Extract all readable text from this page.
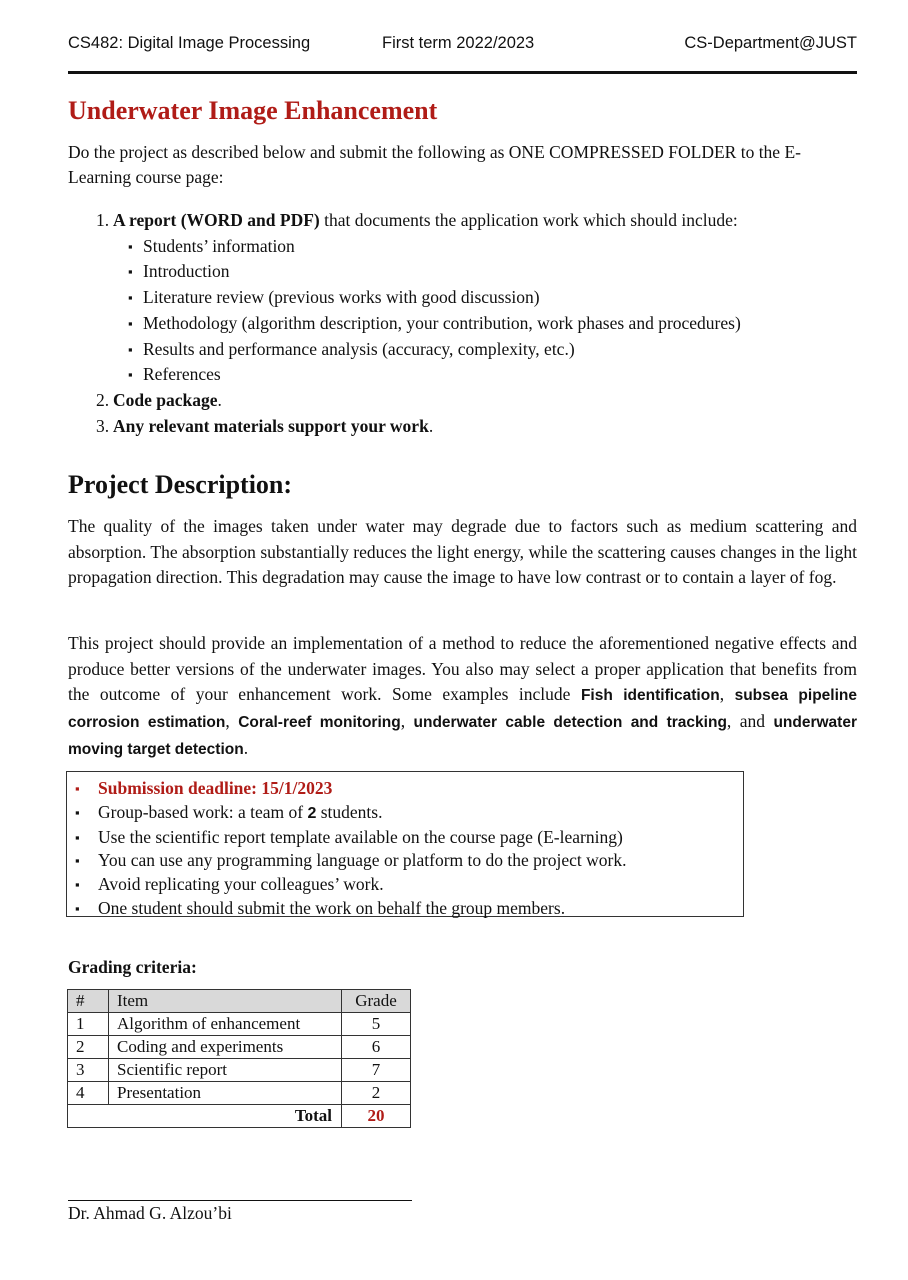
CS482: Digital Image Processing	First term 2022/2023	CS-Department@JUST
Underwater Image Enhancement
Do the project as described below and submit the following as ONE COMPRESSED FOLDER to the E-Learning course page:
1. A report (WORD and PDF) that documents the application work which should include:
▪ Students’ information
▪ Introduction
▪ Literature review (previous works with good discussion)
▪ Methodology (algorithm description, your contribution, work phases and procedures)
▪ Results and performance analysis (accuracy, complexity, etc.)
▪ References
2. Code package.
3. Any relevant materials support your work.
Project Description:
The quality of the images taken under water may degrade due to factors such as medium scattering and absorption. The absorption substantially reduces the light energy, while the scattering causes changes in the light propagation direction. This degradation may cause the image to have low contrast or to contain a layer of fog.
This project should provide an implementation of a method to reduce the aforementioned negative effects and produce better versions of the underwater images. You also may select a proper application that benefits from the outcome of your enhancement work. Some examples include Fish identification, subsea pipeline corrosion estimation, Coral-reef monitoring, underwater cable detection and tracking, and underwater moving target detection.
▪ Submission deadline: 15/1/2023
▪ Group-based work: a team of 2 students.
▪ Use the scientific report template available on the course page (E-learning)
▪ You can use any programming language or platform to do the project work.
▪ Avoid replicating your colleagues’ work.
▪ One student should submit the work on behalf the group members.
Grading criteria:
#	Item	Grade
1	Algorithm of enhancement	5
2	Coding and experiments	6
3	Scientific report	7
4	Presentation	2
Total		20
Dr. Ahmad G. Alzou’bi
